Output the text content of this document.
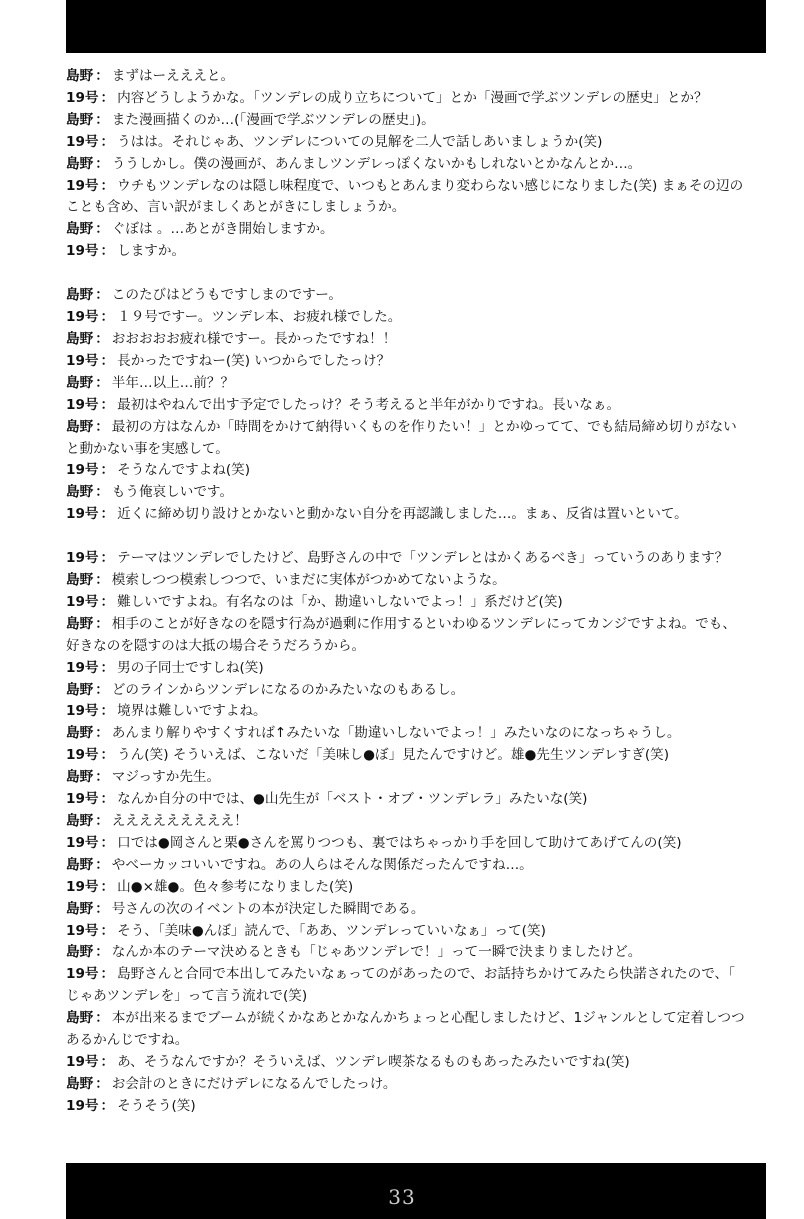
島野 ： まずはーえええと。
19号 ： 内容どうしようかな。「ツンデレの成り立ちについて」とか「漫画で学ぶツンデレの歴史」とか？
島野 ： また漫画描くのか…(「漫画で学ぶツンデレの歴史」)。
19号 ： うはは。それじゃあ、ツンデレについての見解を二人で話しあいましょうか(笑)
島野 ： ううしかし。僕の漫画が、あんましツンデレっぽくないかもしれないとかなんとか…。
19号 ： ウチもツンデレなのは隠し味程度で、いつもとあんまり変わらない感じになりました(笑) まぁその辺の
ことも含め、言い訳がましくあとがきにしましょうか。
島野 ： ぐぼは 。…あとがき開始しますか。
19号 ： しますか。
島野 ： このたびはどうもですしまのですー。
19号 ： １９号ですー。ツンデレ本、お疲れ様でした。
島野 ： おおおおお疲れ様ですー。長かったですね！！
19号 ： 長かったですねー(笑) いつからでしたっけ？
島野 ： 半年…以上…前？？
19号 ： 最初はやねんで出す予定でしたっけ？そう考えると半年がかりですね。長いなぁ。
島野 ： 最初の方はなんか「時間をかけて納得いくものを作りたい！」とかゆってて、でも結局締め切りがない
と動かない事を実感して。
19号 ： そうなんですよね(笑)
島野 ： もう俺哀しいです。
19号 ： 近くに締め切り設けとかないと動かない自分を再認識しました…。まぁ、反省は置いといて。
19号 ： テーマはツンデレでしたけど、島野さんの中で「ツンデレとはかくあるべき」っていうのあります？
島野 ： 模索しつつ模索しつつで、いまだに実体がつかめてないような。
19号 ： 難しいですよね。有名なのは「か、勘違いしないでよっ！」系だけど(笑)
島野 ： 相手のことが好きなのを隠す行為が過剰に作用するといわゆるツンデレにってカンジですよね。でも、
好きなのを隠すのは大抵の場合そうだろうから。
19号 ： 男の子同士ですしね(笑)
島野 ： どのラインからツンデレになるのかみたいなのもあるし。
19号 ： 境界は難しいですよね。
島野 ： あんまり解りやすくすれば↑みたいな「勘違いしないでよっ！」みたいなのになっちゃうし。
19号 ： うん(笑) そういえば、こないだ「美味し●ぼ」見たんですけど。雄●先生ツンデレすぎ(笑)
島野 ： マジっすか先生。
19号 ： なんか自分の中では、●山先生が「ベスト・オブ・ツンデレラ」みたいな(笑)
島野 ： えええええええええ！
19号 ： 口では●岡さんと栗●さんを罵りつつも、裏ではちゃっかり手を回して助けてあげてんの(笑)
島野 ： やべーカッコいいですね。あの人らはそんな関係だったんですね…。
19号 ： 山●×雄●。色々参考になりました(笑)
島野 ： 号さんの次のイベントの本が決定した瞬間である。
19号 ： そう、「美味●んぼ」読んで、「ああ、ツンデレっていいなぁ」って(笑)
島野 ： なんか本のテーマ決めるときも「じゃあツンデレで！」って一瞬で決まりましたけど。
19号 ： 島野さんと合同で本出してみたいなぁってのがあったので、お話持ちかけてみたら快諾されたので、「
じゃあツンデレを」って言う流れで(笑)
島野 ： 本が出来るまでブームが続くかなあとかなんかちょっと心配しましたけど、1ジャンルとして定着しつつ
あるかんじですね。
19号 ： あ、そうなんですか？そういえば、ツンデレ喫茶なるものもあったみたいですね(笑)
島野 ： お会計のときにだけデレになるんでしたっけ。
19号 ： そうそう(笑)
33
